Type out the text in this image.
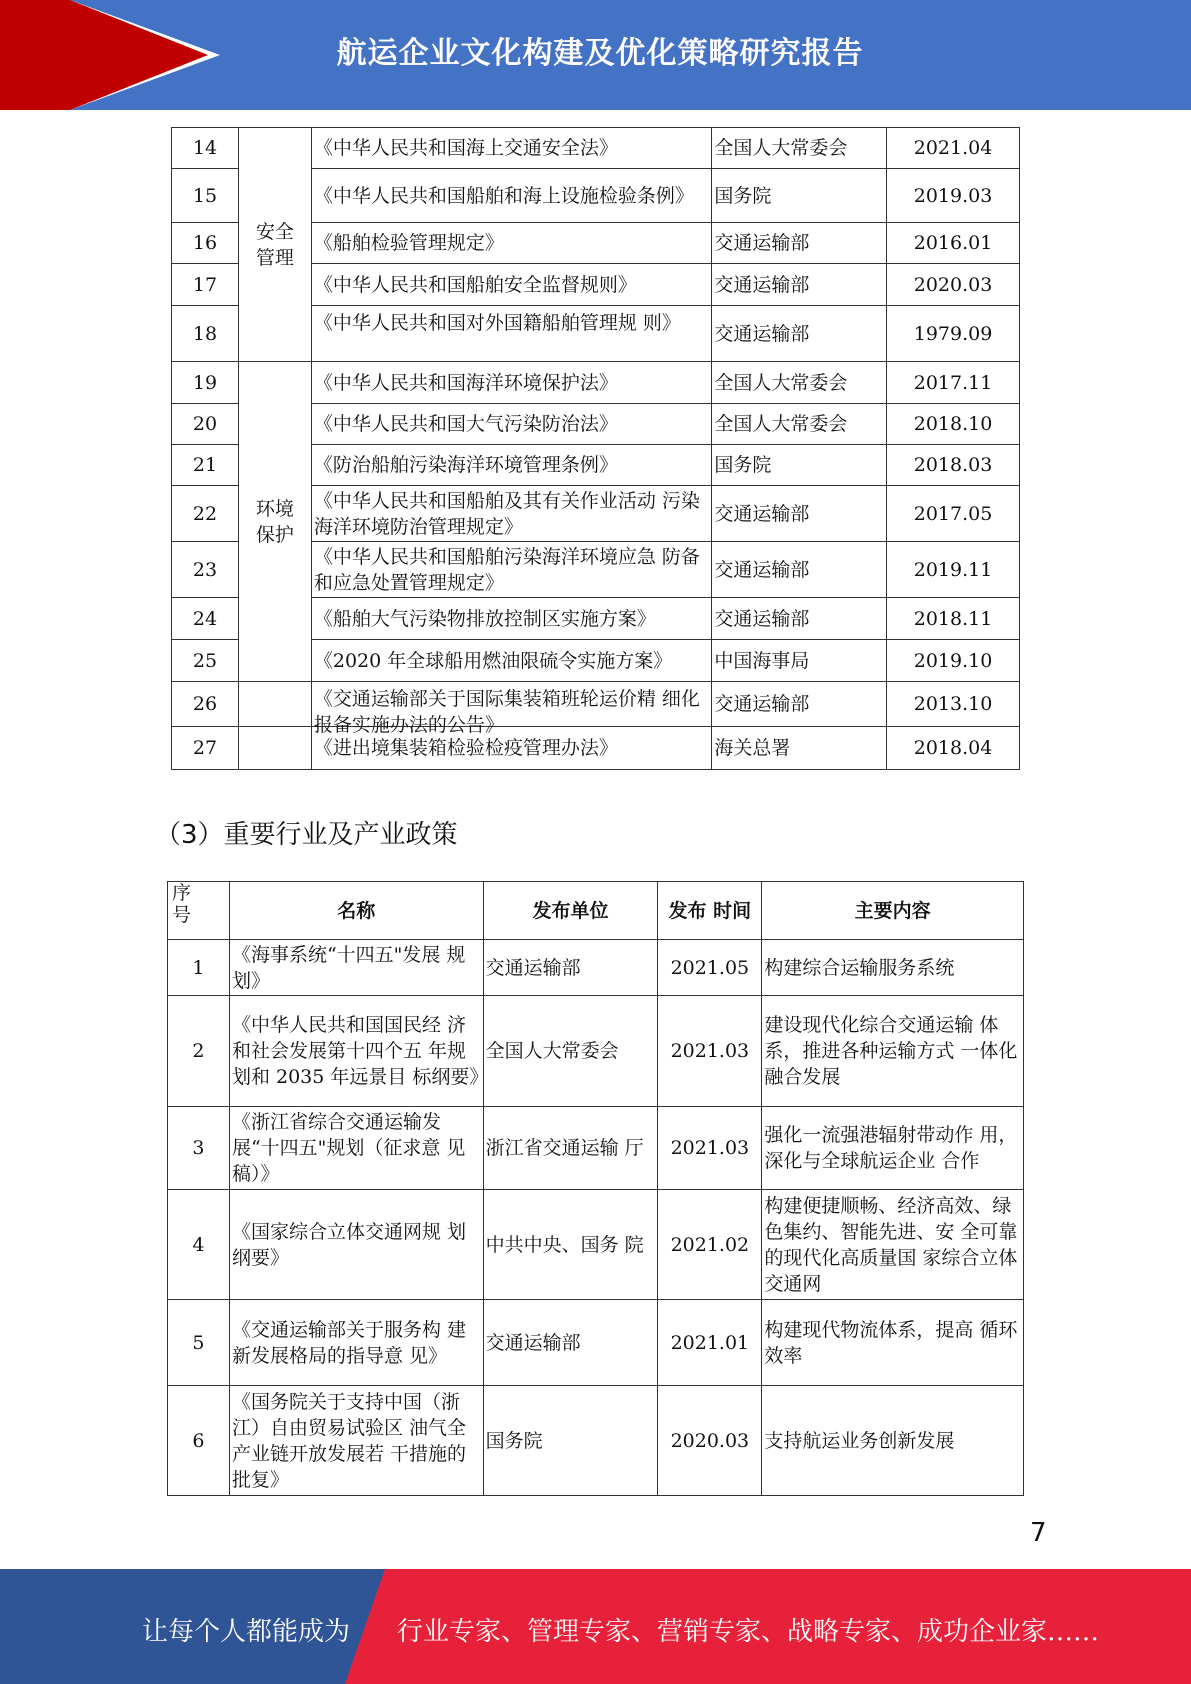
航运企业文化构建及优化策略研究报告
14	安全管理	《中华人民共和国海上交通安全法》	全国人大常委会	2021.04
15		《中华人民共和国船舶和海上设施检验条例》	国务院	2019.03
16		《船舶检验管理规定》	交通运输部	2016.01
17		《中华人民共和国船舶安全监督规则》	交通运输部	2020.03
18		《中华人民共和国对外国籍船舶管理规 则》	交通运输部	1979.09
19	环境保护	《中华人民共和国海洋环境保护法》	全国人大常委会	2017.11
20		《中华人民共和国大气污染防治法》	全国人大常委会	2018.10
21		《防治船舶污染海洋环境管理条例》	国务院	2018.03
22		《中华人民共和国船舶及其有关作业活动 污染海洋环境防治管理规定》	交通运输部	2017.05
23		《中华人民共和国船舶污染海洋环境应急 防备和应急处置管理规定》	交通运输部	2019.11
24		《船舶大气污染物排放控制区实施方案》	交通运输部	2018.11
25		《2020 年全球船用燃油限硫令实施方案》	中国海事局	2019.10
26		《交通运输部关于国际集装箱班轮运价精 细化报备实施办法的公告》	交通运输部	2013.10
27		《进出境集装箱检验检疫管理办法》	海关总署	2018.04
（3）重要行业及产业政策
序号	名称	发布单位	发布 时间	主要内容
1	《海事系统“十四五"发展 规划》	交通运输部	2021.05	构建综合运输服务系统
2	《中华人民共和国国民经 济和社会发展第十四个五 年规划和 2035 年远景目 标纲要》	全国人大常委会	2021.03	建设现代化综合交通运输 体系，推进各种运输方式 一体化融合发展
3	《浙江省综合交通运输发 展“十四五"规划（征求意 见稿）》	浙江省交通运输 厅	2021.03	强化一流强港辐射带动作 用，深化与全球航运企业 合作
4	《国家综合立体交通网规 划纲要》	中共中央、国务 院	2021.02	构建便捷顺畅、经济高效、绿色集约、智能先进、安 全可靠的现代化高质量国 家综合立体交通网
5	《交通运输部关于服务构 建新发展格局的指导意 见》	交通运输部	2021.01	构建现代物流体系，提高 循环效率
6	《国务院关于支持中国（浙江）自由贸易试验区 油气全产业链开放发展若 干措施的批复》	国务院	2020.03	支持航运业务创新发展
7
让每个人都能成为 行业专家、管理专家、营销专家、战略专家、成功企业家……
